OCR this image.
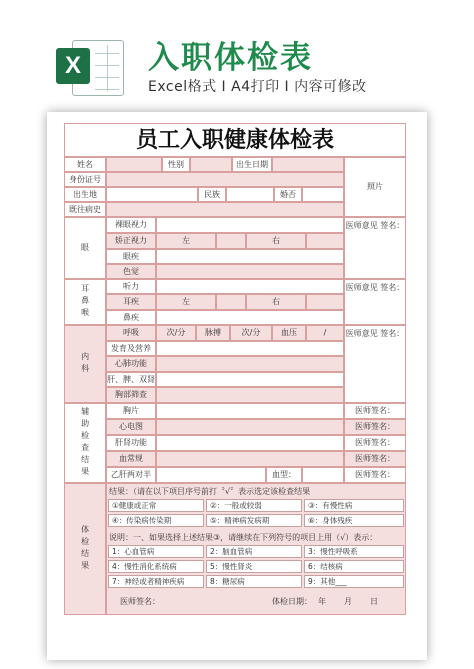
X 入职体检表
Excel格式 Ⅰ A4打印 Ⅰ 内容可修改
员工入职健康体检表
姓名	性别	出生日期
照片
身份证号
出生地	民族	婚否
既往病史
眼
裸眼视力
矫正视力	左	右
眼疾
色觉
医师意见 签名：
耳鼻喉	听力
耳疾	左	右
鼻疾
医师意见 签名：
内科
呼吸	次/分	脉搏	次/分	血压	/
发育及营养
心肺功能
肝、脾、双肾
胸部筛查
医师意见 签名：
辅助检查结果	胸片	医师签名：
心电图	医师签名：
肝肾功能	医师签名：
血常规	医师签名：
乙肝两对半	血型：	医师签名：
体检结果
结果：（请在以下项目序号前打〝√〞表示选定该检查结果
①健康或正常	②：一般或较弱	③：有慢性病
④：传染病传染期	⑤：精神病发病期	⑥：身体残疾
说明：一、如果选择上述结果③，请继续在下列符号的项目上用（√）表示：
1：心血管病	2：脑血管病	3：慢性呼吸系
4：慢性消化系统病	5：慢性肾炎	6：结核病
7：神经或者精神疾病	8：糖尿病	9：其他___
医师签名：	体检日期： 年 月 日
